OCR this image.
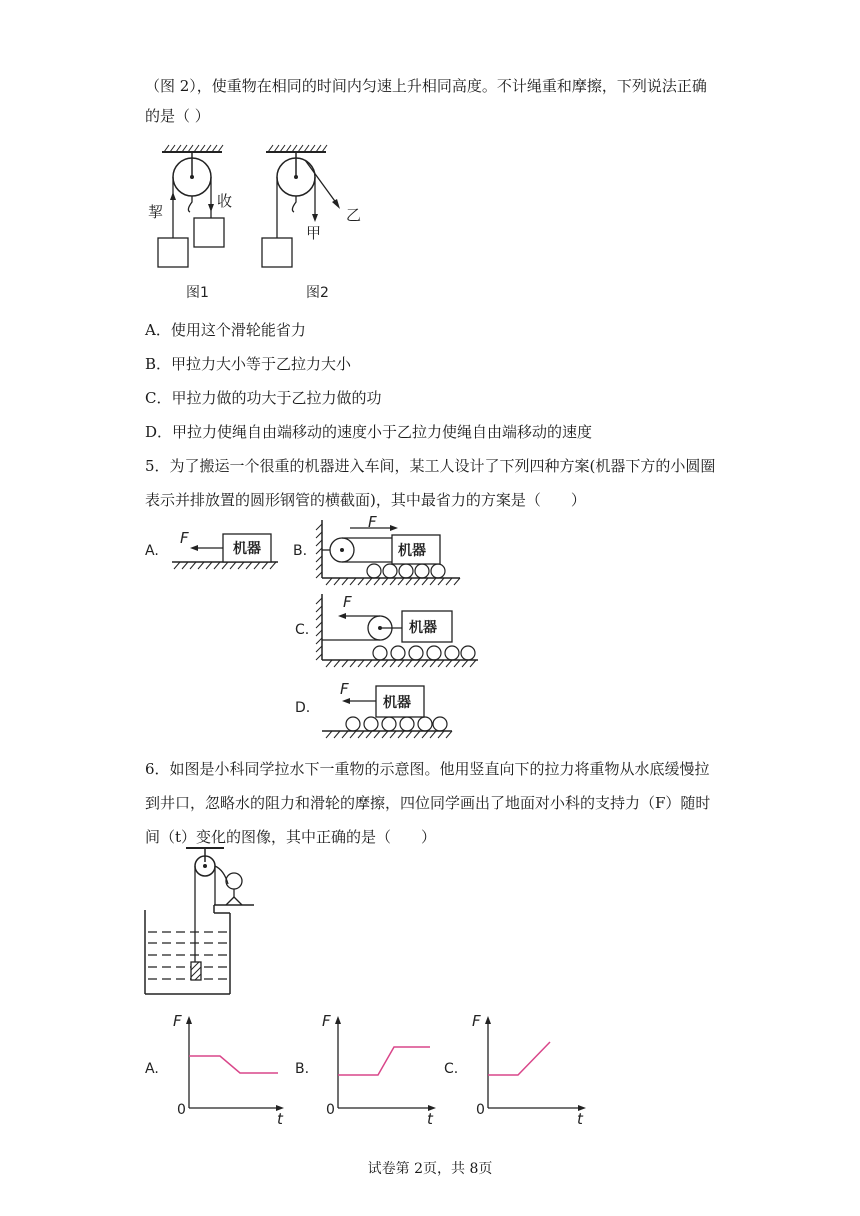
（图 2），使重物在相同的时间内匀速上升相同高度。不计绳重和摩擦，下列说法正确
的是（ ）
挈
收
图1
甲
乙
图2
A．使用这个滑轮能省力
B．甲拉力大小等于乙拉力大小
C．甲拉力做的功大于乙拉力做的功
D．甲拉力使绳自由端移动的速度小于乙拉力使绳自由端移动的速度
5．为了搬运一个很重的机器进入车间，某工人设计了下列四种方案(机器下方的小圆圈
表示并排放置的圆形钢管的横截面)，其中最省力的方案是（　　）
A.	机器
F
B.	机器
F
C.	机器
F
D.	机器
F
6．如图是小科同学拉水下一重物的示意图。他用竖直向下的拉力将重物从水底缓慢拉
到井口，忽略水的阻力和滑轮的摩擦，四位同学画出了地面对小科的支持力（F）随时
间（t）变化的图像，其中正确的是（　　）
F
t
0
A.
F
t
0
B.
F
t
0
C.
试卷第 2页，共 8页
